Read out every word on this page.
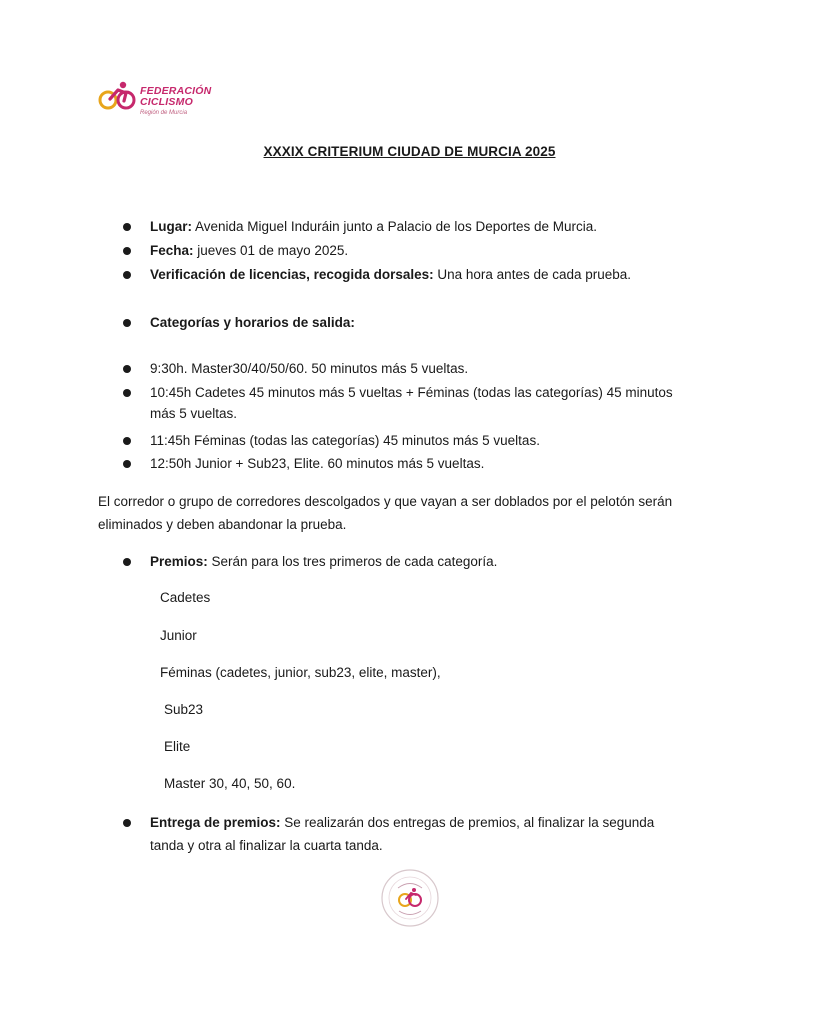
FEDERACIÓN
CICLISMO
Región de Murcia
XXXIX CRITERIUM CIUDAD DE MURCIA 2025
Lugar: Avenida Miguel Induráin junto a Palacio de los Deportes de Murcia.
Fecha: jueves 01 de mayo 2025.
Verificación de licencias, recogida dorsales: Una hora antes de cada prueba.
Categorías y horarios de salida:
9:30h. Master30/40/50/60. 50 minutos más 5 vueltas.
10:45h Cadetes 45 minutos más 5 vueltas + Féminas (todas las categorías) 45 minutos
más 5 vueltas.
11:45h Féminas (todas las categorías) 45 minutos más 5 vueltas.
12:50h Junior + Sub23, Elite. 60 minutos más 5 vueltas.
El corredor o grupo de corredores descolgados y que vayan a ser doblados por el pelotón serán
eliminados y deben abandonar la prueba.
Premios: Serán para los tres primeros de cada categoría.
Cadetes
Junior
Féminas (cadetes, junior, sub23, elite, master),
Sub23
Elite
Master 30, 40, 50, 60.
Entrega de premios: Se realizarán dos entregas de premios, al finalizar la segunda
tanda y otra al finalizar la cuarta tanda.
